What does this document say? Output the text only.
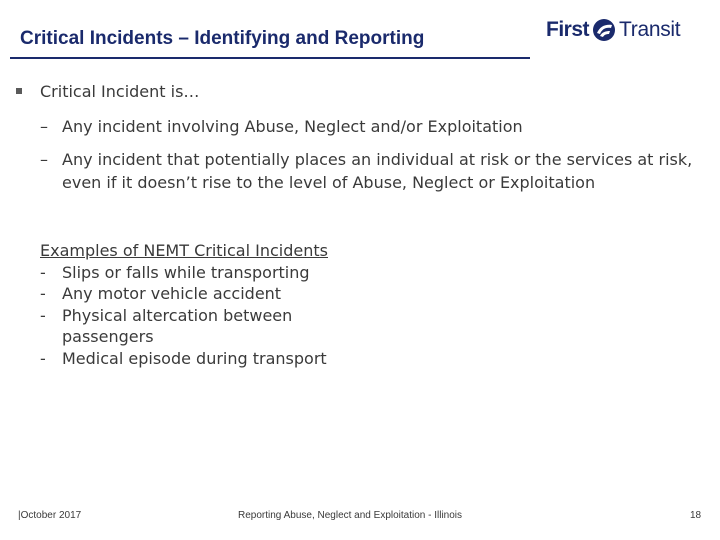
Critical Incidents – Identifying and Reporting	First Transit
Critical Incident is…
– Any incident involving Abuse, Neglect and/or Exploitation
– Any incident that potentially places an individual at risk or the services at risk, even if it doesn’t rise to the level of Abuse, Neglect or Exploitation
Examples of NEMT Critical Incidents
-	Slips or falls while transporting
-	Any motor vehicle accident
-	Physical altercation between passengers
-	Medical episode during transport
|October 2017	Reporting Abuse, Neglect and Exploitation - Illinois	18
